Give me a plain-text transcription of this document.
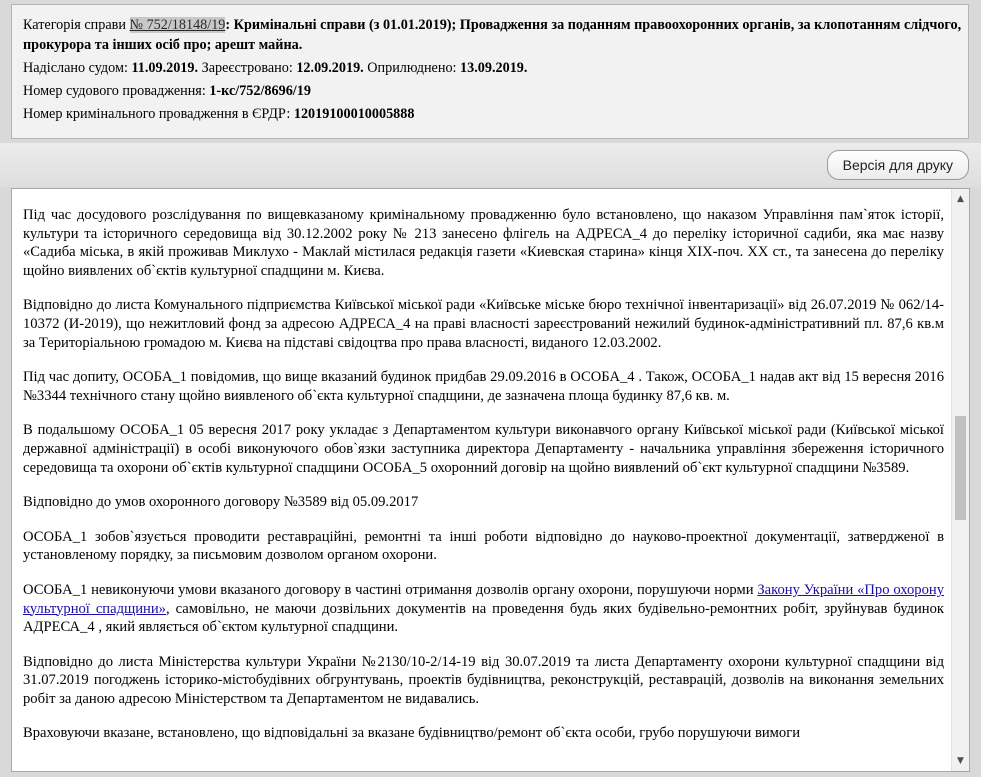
Категорія справи № 752/18148/19: Кримінальні справи (з 01.01.2019); Провадження за поданням правоохоронних органів, за клопотанням слідчого, прокурора та інших осіб про; арешт майна.

Надіслано судом: 11.09.2019. Зареєстровано: 12.09.2019. Оприлюднено: 13.09.2019.

Номер судового провадження: 1-кс/752/8696/19

Номер кримінального провадження в ЄРДР: 12019100010005888

Версія для друку

Під час досудового розслідування по вищевказаному кримінальному провадженню було встановлено, що наказом Управління пам`яток історії, культури та історичного середовища від 30.12.2002 року № 213 занесено флігель на АДРЕСА_4 до переліку історичної садиби, яка має назву «Садиба міська, в якій проживав Миклухо - Маклай містилася редакція газети «Киевская старина» кінця ХІХ-поч. ХХ ст., та занесена до переліку щойно виявлених об`єктів культурної спадщини м. Києва.

Відповідно до листа Комунального підприємства Київської міської ради «Київське міське бюро технічної інвентаризації» від 26.07.2019 № 062/14-10372 (И-2019), що нежитловий фонд за адресою АДРЕСА_4 на праві власності зареєстрований нежилий будинок-адміністративний пл. 87,6 кв.м за Територіальною громадою м. Києва на підставі свідоцтва про права власності, виданого 12.03.2002.

Під час допиту, ОСОБА_1 повідомив, що вище вказаний будинок придбав 29.09.2016 в ОСОБА_4 . Також, ОСОБА_1 надав акт від 15 вересня 2016 №3344 технічного стану щойно виявленого об`єкта культурної спадщини, де зазначена площа будинку 87,6 кв. м.

В подальшому ОСОБА_1 05 вересня 2017 року укладає з Департаментом культури виконавчого органу Київської міської ради (Київської міської державної адміністрації) в особі виконуючого обов`язки заступника директора Департаменту - начальника управління збереження історичного середовища та охорони об`єктів культурної спадщини ОСОБА_5 охоронний договір на щойно виявлений об`єкт культурної спадщини №3589.

Відповідно до умов охоронного договору №3589 від 05.09.2017

ОСОБА_1 зобов`язується проводити реставраційні, ремонтні та інші роботи відповідно до науково-проектної документації, затвердженої в установленому порядку, за письмовим дозволом органом охорони.

ОСОБА_1 невиконуючи умови вказаного договору в частині отримання дозволів органу охорони, порушуючи норми Закону України «Про охорону культурної спадщини», самовільно, не маючи дозвільних документів на проведення будь яких будівельно-ремонтних робіт, зруйнував будинок АДРЕСА_4 , який являється об`єктом культурної спадщини.

Відповідно до листа Міністерства культури України №2130/10-2/14-19 від 30.07.2019 та листа Департаменту охорони культурної спадщини від 31.07.2019 погоджень історико-містобудівних обгрунтувань, проектів будівництва, реконструкцій, реставрацій, дозволів на виконання земельних робіт за даною адресою Міністерством та Департаментом не видавались.

Враховуючи вказане, встановлено, що відповідальні за вказане будівництво/ремонт об`єкта особи, грубо порушуючи вимоги

▲
▼
